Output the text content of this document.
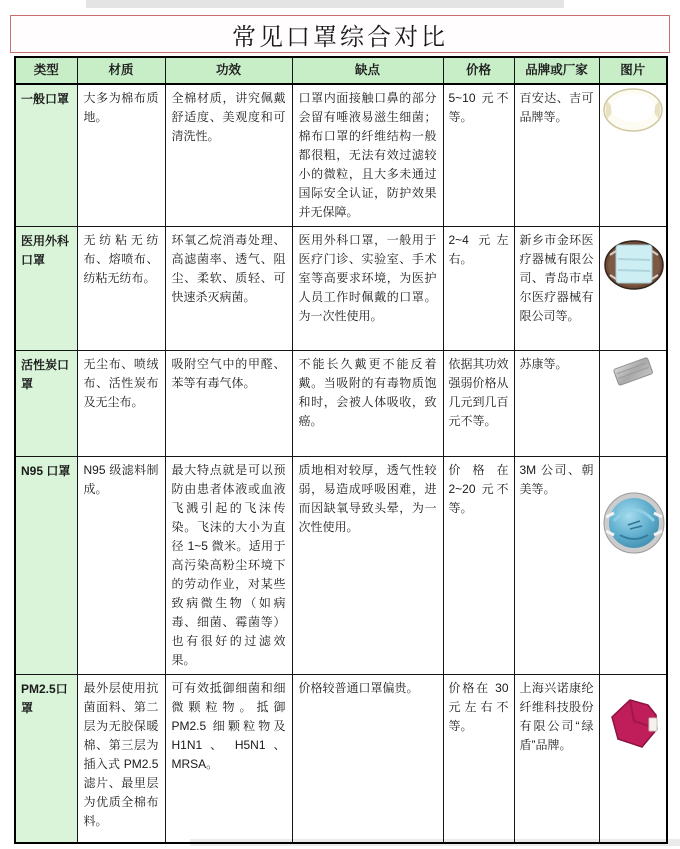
常见口罩综合对比
类型	材质	功效	缺点	价格	品牌或厂家	图片
一般口罩	大多为棉布质地。	全棉材质，讲究佩戴舒适度、美观度和可清洗性。	口罩内面接触口鼻的部分会留有唾液易滋生细菌；棉布口罩的纤维结构一般都很粗，无法有效过滤较小的微粒，且大多未通过国际安全认证，防护效果并无保障。	5~10 元不等。	百安达、吉可品牌等。	
医用外科口罩	无纺粘无纺布、熔喷布、纺粘无纺布。	环氧乙烷消毒处理、高滤菌率、透气、阻尘、柔软、质轻、可快速杀灭病菌。	医用外科口罩，一般用于医疗门诊、实验室、手术室等高要求环境，为医护人员工作时佩戴的口罩。为一次性使用。	2~4 元左右。	新乡市金环医疗器械有限公司、青岛市卓尔医疗器械有限公司等。	
活性炭口罩	无尘布、喷绒布、活性炭布及无尘布。	吸附空气中的甲醛、苯等有毒气体。	不能长久戴更不能反着戴。当吸附的有毒物质饱和时，会被人体吸收，致癌。	依据其功效强弱价格从几元到几百元不等。	苏康等。	
N95 口罩	N95 级滤料制成。	最大特点就是可以预防由患者体液或血液飞溅引起的飞沫传染。飞沫的大小为直径 1~5 微米。适用于高污染高粉尘环境下的劳动作业，对某些致病微生物（如病毒、细菌、霉菌等）也有很好的过滤效果。	质地相对较厚，透气性较弱，易造成呼吸困难，进而因缺氧导致头晕，为一次性使用。	价格在 2~20 元不等。	3M 公司、朝美等。	
PM2.5口罩	最外层使用抗菌面料、第二层为无胶保暖棉、第三层为插入式 PM2.5 滤片、最里层为优质全棉布料。	可有效抵御细菌和细微颗粒物。抵御 PM2.5 细颗粒物及 H1N1 、 H5N1 、MRSA。	价格较普通口罩偏贵。	价格在 30 元左右不等。	上海兴诺康纶纤维科技股份有限公司“绿盾”品牌。	
